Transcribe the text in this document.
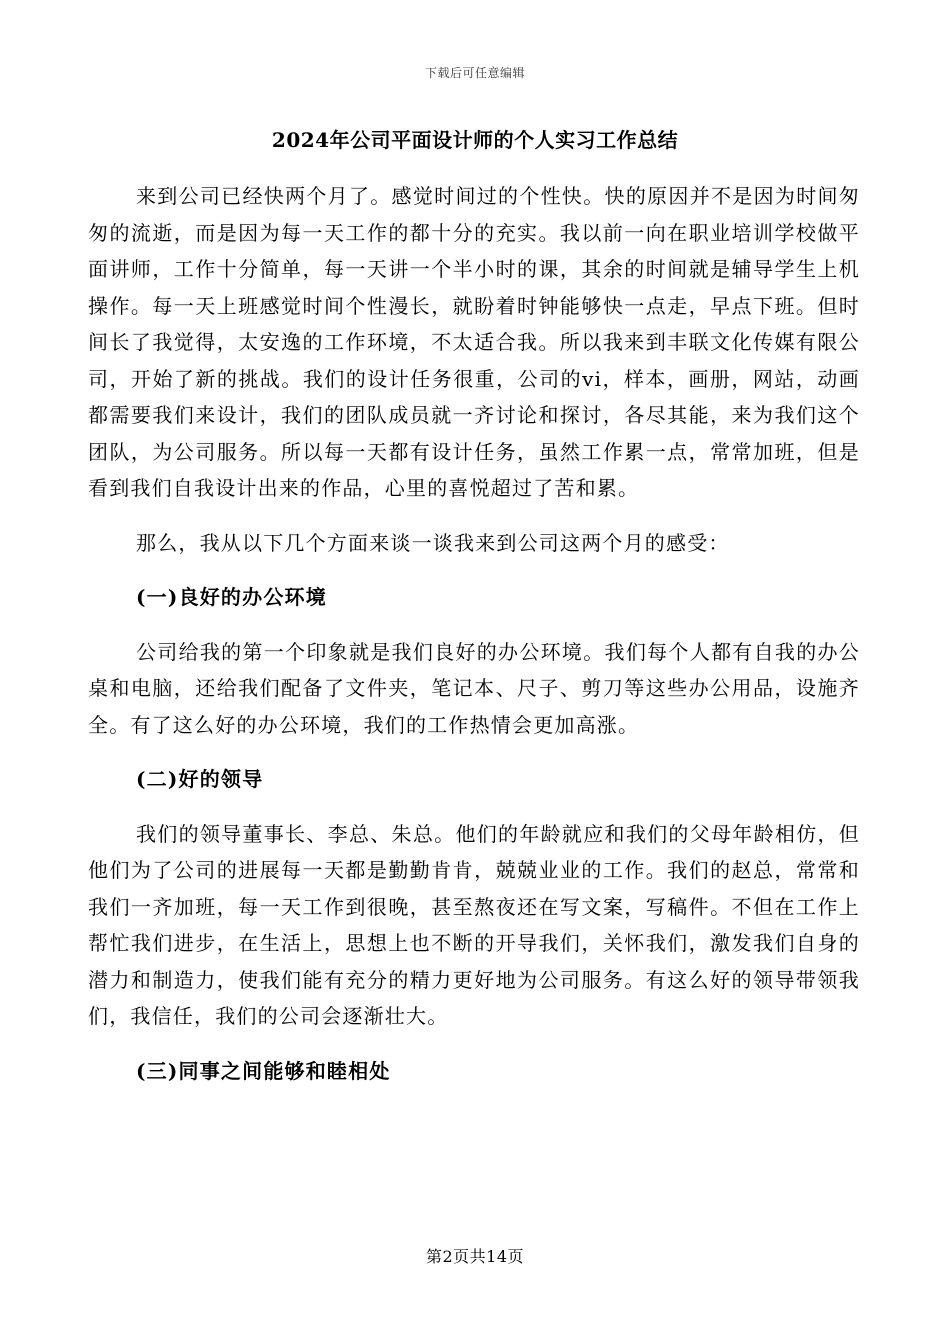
下载后可任意编辑
2024年公司平面设计师的个人实习工作总结

来到公司已经快两个月了。感觉时间过的个性快。快的原因并不是因为时间匆匆的流逝，而是因为每一天工作的都十分的充实。我以前一向在职业培训学校做平面讲师，工作十分简单，每一天讲一个半小时的课，其余的时间就是辅导学生上机操作。每一天上班感觉时间个性漫长，就盼着时钟能够快一点走，早点下班。但时间长了我觉得，太安逸的工作环境，不太适合我。所以我来到丰联文化传媒有限公司，开始了新的挑战。我们的设计任务很重，公司的vi，样本，画册，网站，动画都需要我们来设计，我们的团队成员就一齐讨论和探讨，各尽其能，来为我们这个团队，为公司服务。所以每一天都有设计任务，虽然工作累一点，常常加班，但是看到我们自我设计出来的作品，心里的喜悦超过了苦和累。

那么，我从以下几个方面来谈一谈我来到公司这两个月的感受：

(一)良好的办公环境

公司给我的第一个印象就是我们良好的办公环境。我们每个人都有自我的办公桌和电脑，还给我们配备了文件夹，笔记本、尺子、剪刀等这些办公用品，设施齐全。有了这么好的办公环境，我们的工作热情会更加高涨。

(二)好的领导

我们的领导董事长、李总、朱总。他们的年龄就应和我们的父母年龄相仿，但他们为了公司的进展每一天都是勤勤肯肯，兢兢业业的工作。我们的赵总，常常和我们一齐加班，每一天工作到很晚，甚至熬夜还在写文案，写稿件。不但在工作上帮忙我们进步，在生活上，思想上也不断的开导我们，关怀我们，激发我们自身的潜力和制造力，使我们能有充分的精力更好地为公司服务。有这么好的领导带领我们，我信任，我们的公司会逐渐壮大。

(三)同事之间能够和睦相处
第2页共14页
